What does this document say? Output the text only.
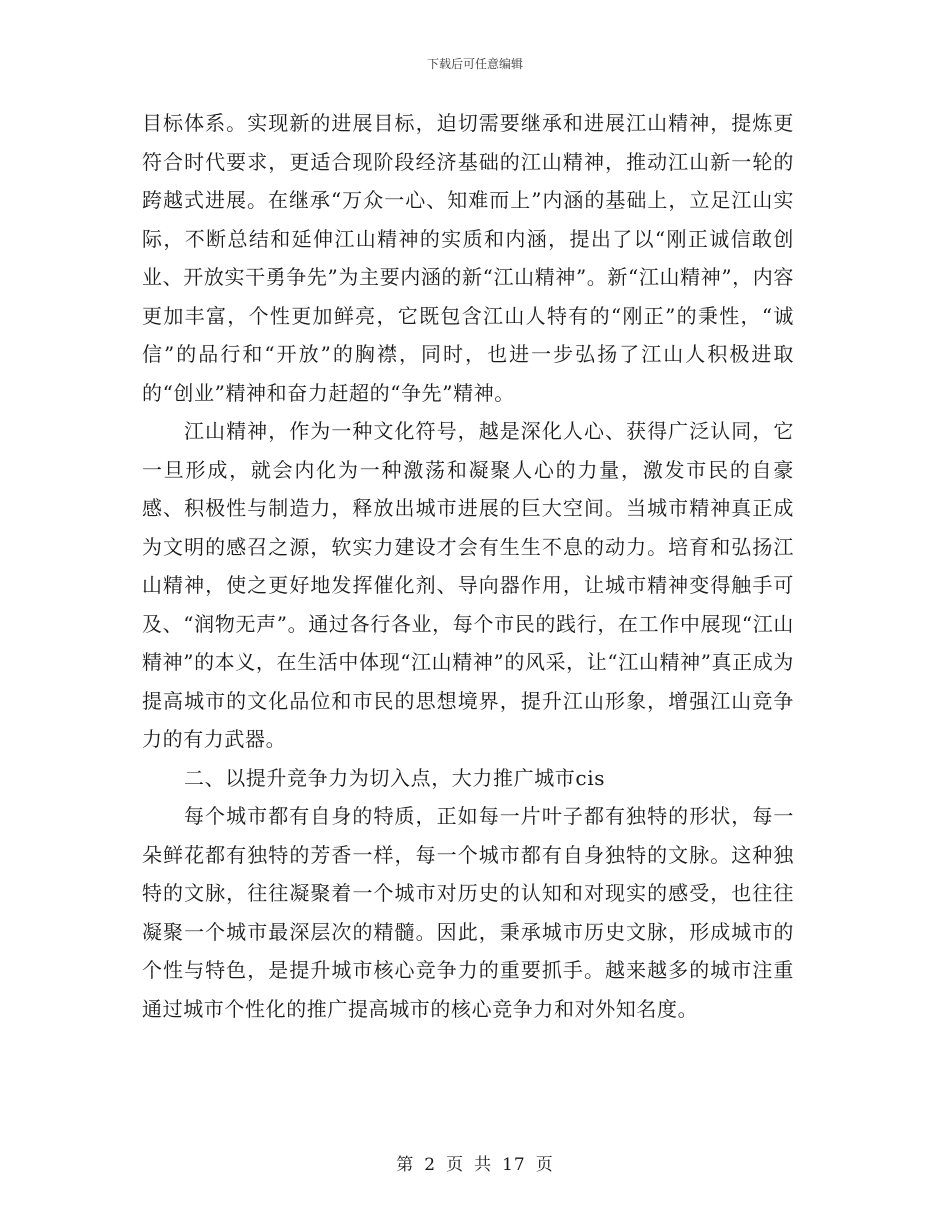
下载后可任意编辑

目标体系。实现新的进展目标，迫切需要继承和进展江山精神，提炼更符合时代要求，更适合现阶段经济基础的江山精神，推动江山新一轮的跨越式进展。在继承“万众一心、知难而上”内涵的基础上，立足江山实际，不断总结和延伸江山精神的实质和内涵，提出了以“刚正诚信敢创业、开放实干勇争先”为主要内涵的新“江山精神”。新“江山精神”，内容更加丰富，个性更加鲜亮，它既包含江山人特有的“刚正”的秉性，“诚信”的品行和“开放”的胸襟，同时，也进一步弘扬了江山人积极进取的“创业”精神和奋力赶超的“争先”精神。

江山精神，作为一种文化符号，越是深化人心、获得广泛认同，它一旦形成，就会内化为一种激荡和凝聚人心的力量，激发市民的自豪感、积极性与制造力，释放出城市进展的巨大空间。当城市精神真正成为文明的感召之源，软实力建设才会有生生不息的动力。培育和弘扬江山精神，使之更好地发挥催化剂、导向器作用，让城市精神变得触手可及、“润物无声”。通过各行各业，每个市民的践行，在工作中展现“江山精神”的本义，在生活中体现“江山精神”的风采，让“江山精神”真正成为提高城市的文化品位和市民的思想境界，提升江山形象，增强江山竞争力的有力武器。

二、以提升竞争力为切入点，大力推广城市cis

每个城市都有自身的特质，正如每一片叶子都有独特的形状，每一朵鲜花都有独特的芳香一样，每一个城市都有自身独特的文脉。这种独特的文脉，往往凝聚着一个城市对历史的认知和对现实的感受，也往往凝聚一个城市最深层次的精髓。因此，秉承城市历史文脉，形成城市的个性与特色，是提升城市核心竞争力的重要抓手。越来越多的城市注重通过城市个性化的推广提高城市的核心竞争力和对外知名度。

第 2 页 共 17 页
